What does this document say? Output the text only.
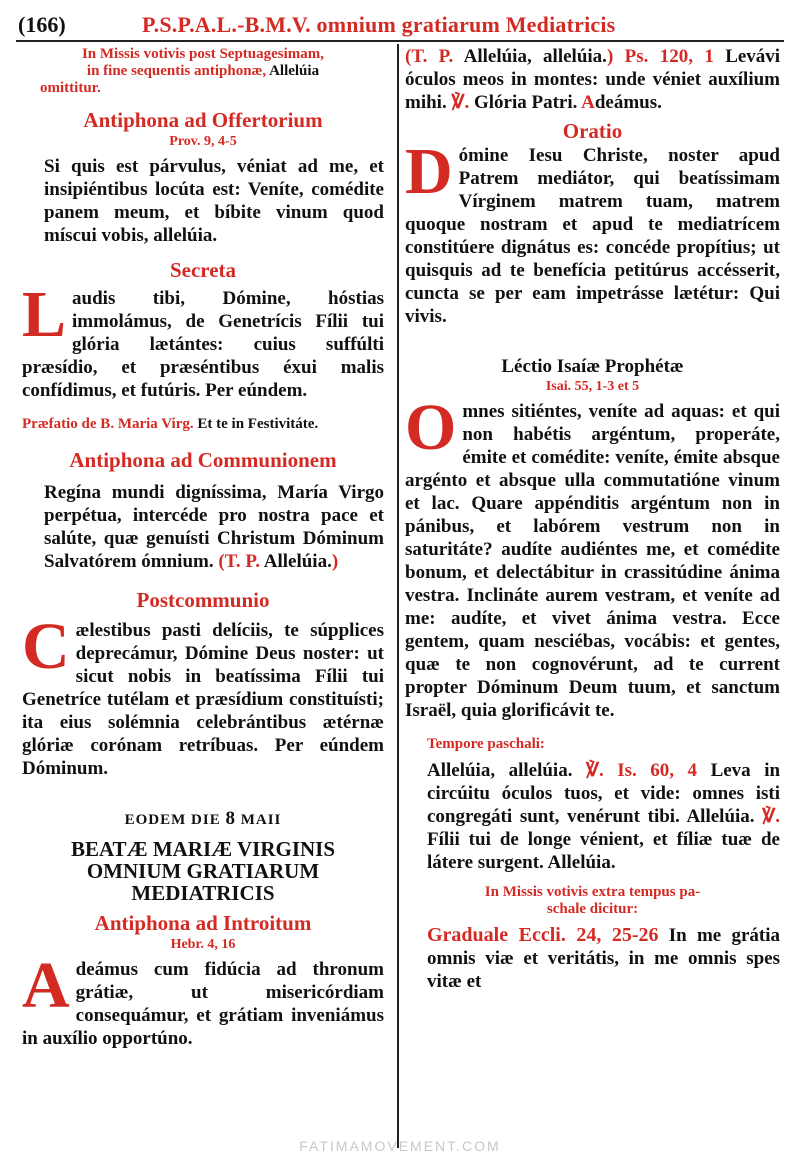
(166)	P.S.P.A.L.-B.M.V. omnium gratiarum Mediatricis
In Missis votivis post Septuagesimam,
in fine sequentis antiphonæ, Allelúia
omittitur.
Antiphona ad Offertorium
Prov. 9, 4-5
Si quis est párvulus, véniat ad me, et insipiéntibus locúta est: Veníte, comédite panem meum, et bíbite vinum quod míscui vobis, allelúia.
Secreta
Laudis tibi, Dómine, hóstias immolámus, de Genetrícis Fílii tui glória lætántes: cuius suffúlti præsídio, et præséntibus éxui malis confídimus, et futúris. Per eúndem.
Præfatio de B. Maria Virg. Et te in Festivitáte.
Antiphona ad Communionem
Regína mundi digníssima, María Virgo perpétua, intercéde pro nostra pace et salúte, quæ genuísti Christum Dóminum Salvatórem ómnium. (T. P. Allelúia.)
Postcommunio
Cælestibus pasti delíciis, te súpplices deprecámur, Dómine Deus noster: ut sicut nobis in beatíssima Fílii tui Genetríce tutélam et præsídium constituísti; ita eius solémnia celebrántibus ætérnæ glóriæ corónam retríbuas. Per eúndem Dóminum.
EODEM DIE 8 MAII
BEATÆ MARIÆ VIRGINIS
OMNIUM GRATIARUM
MEDIATRICIS
Antiphona ad Introitum
Hebr. 4, 16
Adeámus cum fidúcia ad thronum grátiæ, ut misericórdiam consequámur, et grátiam inveniámus in auxílio opportúno.
(T. P. Allelúia, allelúia.) Ps. 120, 1 Levávi óculos meos in montes: unde véniet auxílium mihi. ℣. Glória Patri. Adeámus.
Oratio
Dómine Iesu Christe, noster apud Patrem mediátor, qui beatíssimam Vírginem matrem tuam, matrem quoque nostram et apud te mediatrícem constitúere dignátus es: concéde propítius; ut quisquis ad te benefícia petitúrus accésserit, cuncta se per eam impetrásse lætétur: Qui vivis.
Léctio Isaíæ Prophétæ
Isai. 55, 1-3 et 5
Omnes sitiéntes, veníte ad aquas: et qui non habétis argéntum, properáte, émite et comédite: veníte, émite absque argénto et absque ulla commutatióne vinum et lac. Quare appénditis argéntum non in pánibus, et labórem vestrum non in saturitáte? audíte audiéntes me, et comédite bonum, et delectábitur in crassitúdine ánima vestra. Inclináte aurem vestram, et veníte ad me: audíte, et vivet ánima vestra. Ecce gentem, quam nesciébas, vocábis: et gentes, quæ te non cognovérunt, ad te current propter Dóminum Deum tuum, et sanctum Israël, quia glorificávit te.
Tempore paschali:
Allelúia, allelúia. ℣. Is. 60, 4 Leva in circúitu óculos tuos, et vide: omnes isti congregáti sunt, venérunt tibi. Allelúia. ℣. Fílii tui de longe vénient, et fíliæ tuæ de látere surgent. Allelúia.
In Missis votivis extra tempus pa-
schale dicitur:
Graduale Eccli. 24, 25-26 In me grátia omnis viæ et veritátis, in me omnis spes vitæ et
FATIMAMOVEMENT.COM
